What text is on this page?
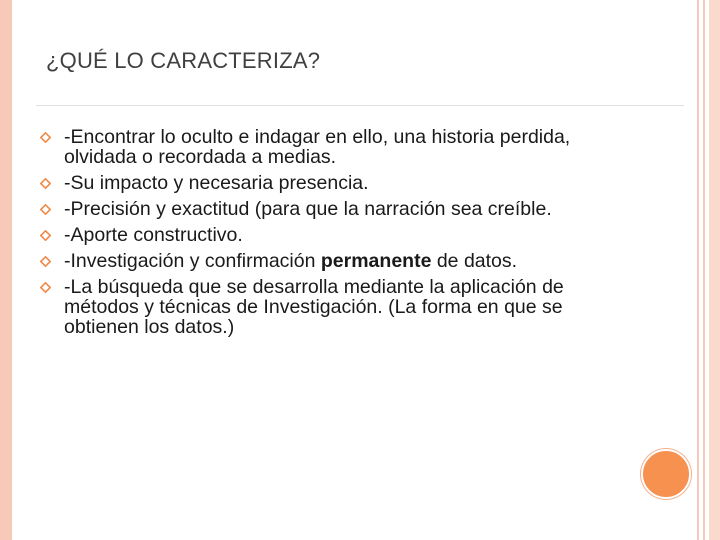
¿QUÉ LO CARACTERIZA?
-Encontrar lo oculto e indagar en ello, una historia perdida, olvidada o recordada a medias.
-Su impacto y necesaria presencia.
-Precisión y exactitud (para que la narración sea creíble.
-Aporte constructivo.
-Investigación y confirmación permanente de datos.
-La búsqueda que se desarrolla mediante la aplicación de métodos y técnicas de Investigación. (La forma en que se obtienen los datos.)
